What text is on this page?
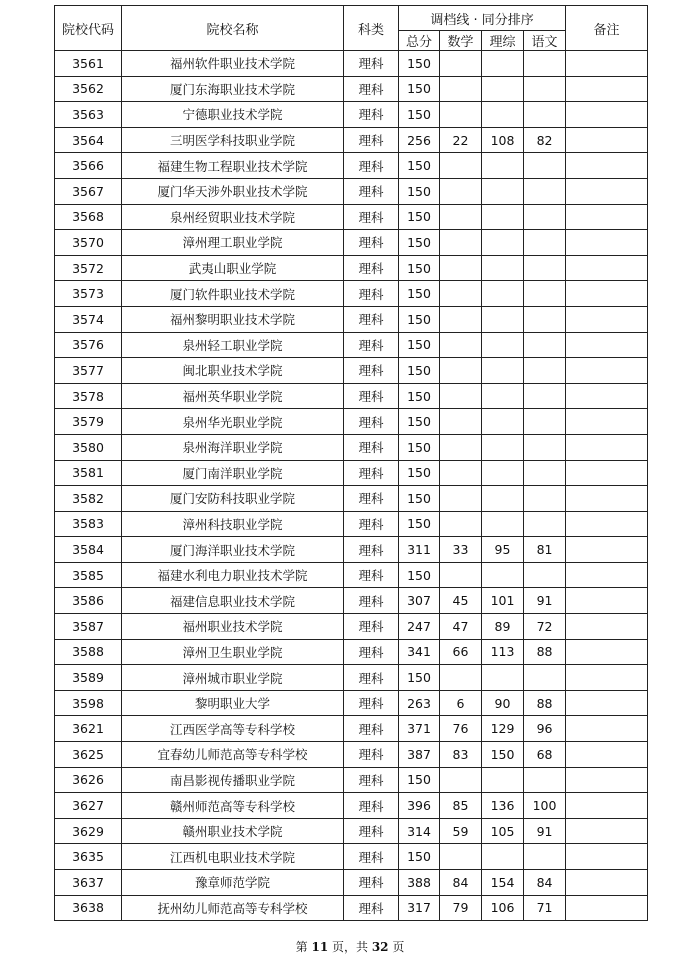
院校代码	院校名称	科类	调档线 · 同分排序				备注
			总分	数学	理综	语文	
3561	福州软件职业技术学院	理科	150				
3562	厦门东海职业技术学院	理科	150				
3563	宁德职业技术学院	理科	150				
3564	三明医学科技职业学院	理科	256	22	108	82	
3566	福建生物工程职业技术学院	理科	150				
3567	厦门华天涉外职业技术学院	理科	150				
3568	泉州经贸职业技术学院	理科	150				
3570	漳州理工职业学院	理科	150				
3572	武夷山职业学院	理科	150				
3573	厦门软件职业技术学院	理科	150				
3574	福州黎明职业技术学院	理科	150				
3576	泉州轻工职业学院	理科	150				
3577	闽北职业技术学院	理科	150				
3578	福州英华职业学院	理科	150				
3579	泉州华光职业学院	理科	150				
3580	泉州海洋职业学院	理科	150				
3581	厦门南洋职业学院	理科	150				
3582	厦门安防科技职业学院	理科	150				
3583	漳州科技职业学院	理科	150				
3584	厦门海洋职业技术学院	理科	311	33	95	81	
3585	福建水利电力职业技术学院	理科	150				
3586	福建信息职业技术学院	理科	307	45	101	91	
3587	福州职业技术学院	理科	247	47	89	72	
3588	漳州卫生职业学院	理科	341	66	113	88	
3589	漳州城市职业学院	理科	150				
3598	黎明职业大学	理科	263	6	90	88	
3621	江西医学高等专科学校	理科	371	76	129	96	
3625	宜春幼儿师范高等专科学校	理科	387	83	150	68	
3626	南昌影视传播职业学院	理科	150				
3627	赣州师范高等专科学校	理科	396	85	136	100	
3629	赣州职业技术学院	理科	314	59	105	91	
3635	江西机电职业技术学院	理科	150				
3637	豫章师范学院	理科	388	84	154	84	
3638	抚州幼儿师范高等专科学校	理科	317	79	106	71	
第 11 页，共 32 页
